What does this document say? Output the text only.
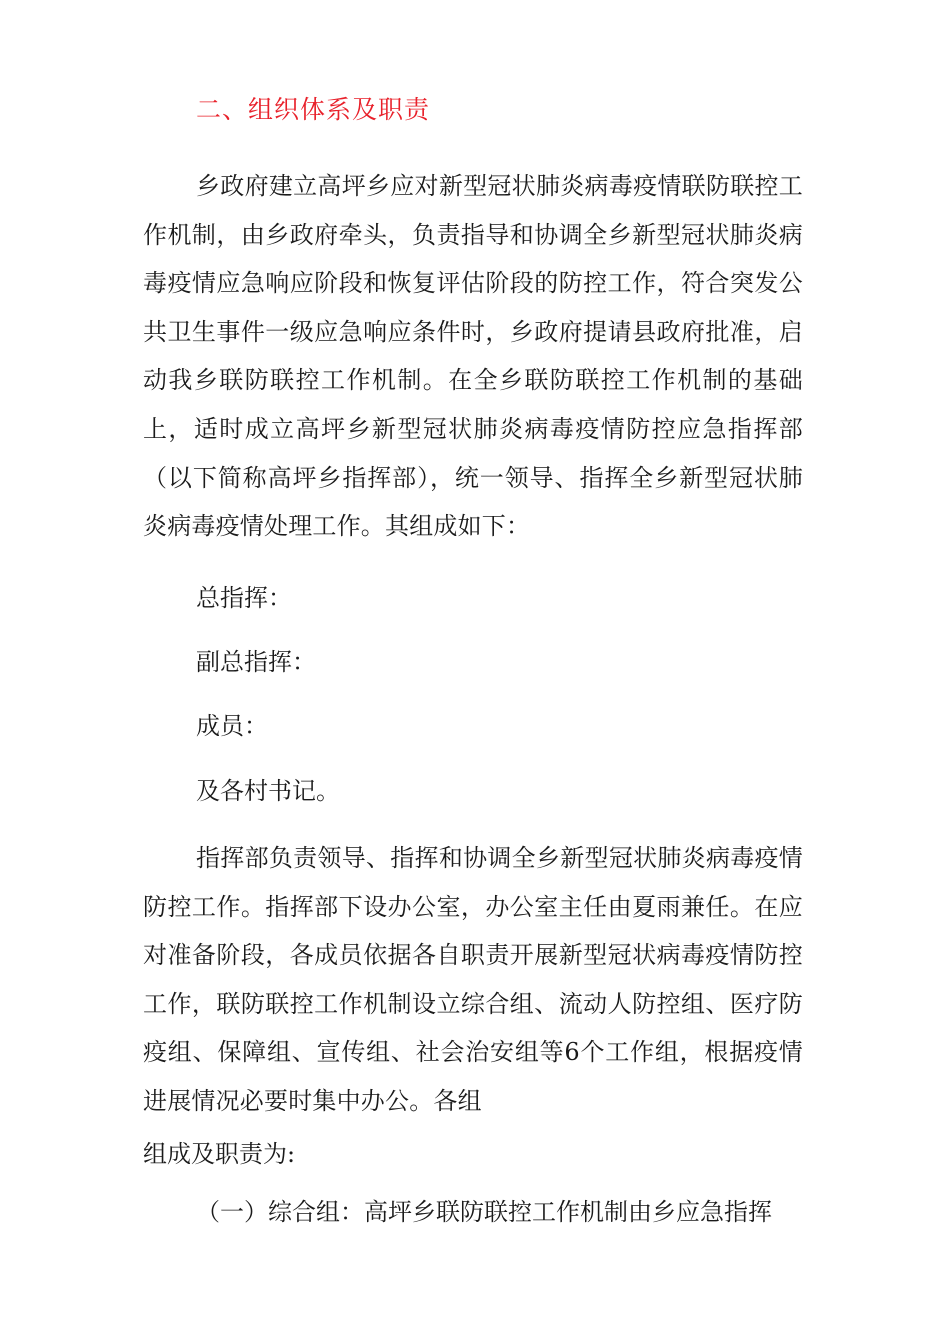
二、组织体系及职责

乡政府建立高坪乡应对新型冠状肺炎病毒疫情联防联控工作机制，由乡政府牵头，负责指导和协调全乡新型冠状肺炎病毒疫情应急响应阶段和恢复评估阶段的防控工作，符合突发公共卫生事件一级应急响应条件时，乡政府提请县政府批准，启动我乡联防联控工作机制。在全乡联防联控工作机制的基础上，适时成立高坪乡新型冠状肺炎病毒疫情防控应急指挥部（以下简称高坪乡指挥部），统一领导、指挥全乡新型冠状肺炎病毒疫情处理工作。其组成如下：

总指挥：
副总指挥：
成员：
及各村书记。

指挥部负责领导、指挥和协调全乡新型冠状肺炎病毒疫情防控工作。指挥部下设办公室，办公室主任由夏雨兼任。在应对准备阶段，各成员依据各自职责开展新型冠状病毒疫情防控工作，联防联控工作机制设立综合组、流动人防控组、医疗防疫组、保障组、宣传组、社会治安组等6个工作组，根据疫情进展情况必要时集中办公。各组

组成及职责为:
（一）综合组：高坪乡联防联控工作机制由乡应急指挥
